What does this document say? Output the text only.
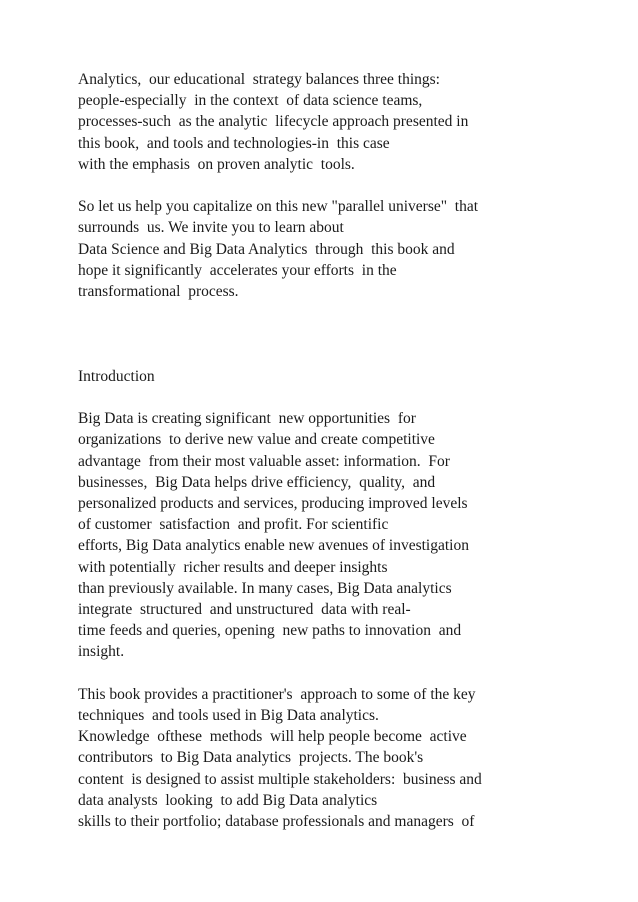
Analytics,  our educational  strategy balances three things:
people-especially  in the context  of data science teams,
processes-such  as the analytic  lifecycle approach presented in
this book,  and tools and technologies-in  this case
with the emphasis  on proven analytic  tools.
So let us help you capitalize on this new "parallel universe"  that
surrounds  us. We invite you to learn about
Data Science and Big Data Analytics  through  this book and
hope it significantly  accelerates your efforts  in the
transformational  process.
Introduction
Big Data is creating significant  new opportunities  for
organizations  to derive new value and create competitive
advantage  from their most valuable asset: information.  For
businesses,  Big Data helps drive efficiency,  quality,  and
personalized products and services, producing improved levels
of customer  satisfaction  and profit. For scientific
efforts, Big Data analytics enable new avenues of investigation
with potentially  richer results and deeper insights
than previously available. In many cases, Big Data analytics
integrate  structured  and unstructured  data with real-
time feeds and queries, opening  new paths to innovation  and
insight.
This book provides a practitioner's  approach to some of the key
techniques  and tools used in Big Data analytics.
Knowledge  ofthese  methods  will help people become  active
contributors  to Big Data analytics  projects. The book's
content  is designed to assist multiple stakeholders:  business and
data analysts  looking  to add Big Data analytics
skills to their portfolio; database professionals and managers  of
